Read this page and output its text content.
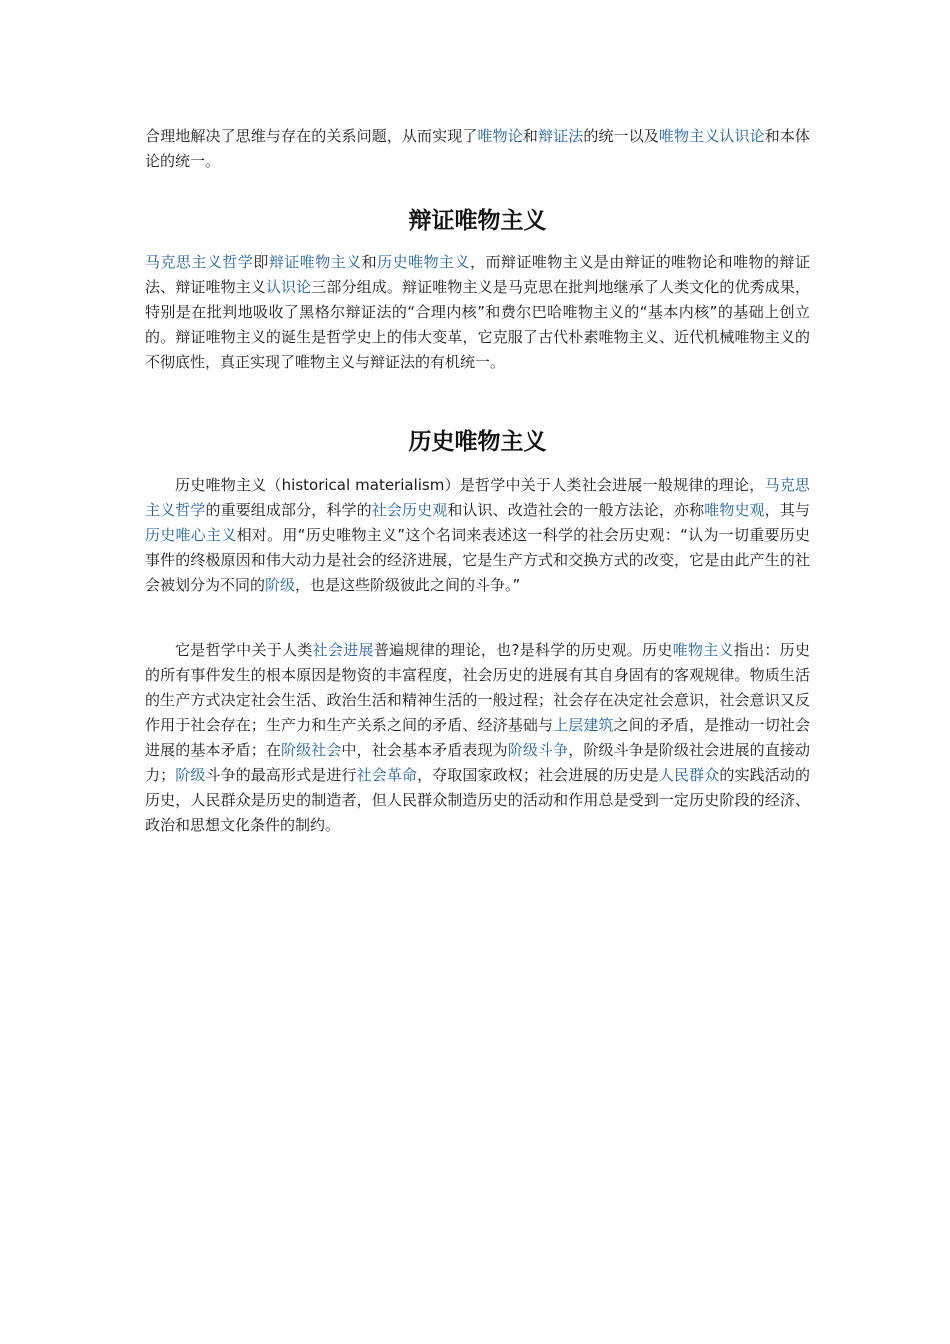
合理地解决了思维与存在的关系问题，从而实现了唯物论和辩证法的统一以及唯物主义认识论和本体论的统一。

辩证唯物主义

马克思主义哲学即辩证唯物主义和历史唯物主义，而辩证唯物主义是由辩证的唯物论和唯物的辩证法、辩证唯物主义认识论三部分组成。辩证唯物主义是马克思在批判地继承了人类文化的优秀成果，特别是在批判地吸收了黑格尔辩证法的“合理内核”和费尔巴哈唯物主义的“基本内核”的基础上创立的。辩证唯物主义的诞生是哲学史上的伟大变革，它克服了古代朴素唯物主义、近代机械唯物主义的不彻底性，真正实现了唯物主义与辩证法的有机统一。

历史唯物主义

历史唯物主义（historical materialism）是哲学中关于人类社会进展一般规律的理论，马克思主义哲学的重要组成部分，科学的社会历史观和认识、改造社会的一般方法论，亦称唯物史观，其与历史唯心主义相对。用“历史唯物主义”这个名词来表述这一科学的社会历史观：“认为一切重要历史事件的终极原因和伟大动力是社会的经济进展，它是生产方式和交换方式的改变，它是由此产生的社会被划分为不同的阶级，也是这些阶级彼此之间的斗争。”

它是哲学中关于人类社会进展普遍规律的理论，也?是科学的历史观。历史唯物主义指出：历史的所有事件发生的根本原因是物资的丰富程度，社会历史的进展有其自身固有的客观规律。物质生活的生产方式决定社会生活、政治生活和精神生活的一般过程；社会存在决定社会意识，社会意识又反作用于社会存在；生产力和生产关系之间的矛盾、经济基础与上层建筑之间的矛盾，是推动一切社会进展的基本矛盾；在阶级社会中，社会基本矛盾表现为阶级斗争，阶级斗争是阶级社会进展的直接动力；阶级斗争的最高形式是进行社会革命，夺取国家政权；社会进展的历史是人民群众的实践活动的历史，人民群众是历史的制造者，但人民群众制造历史的活动和作用总是受到一定历史阶段的经济、政治和思想文化条件的制约。
